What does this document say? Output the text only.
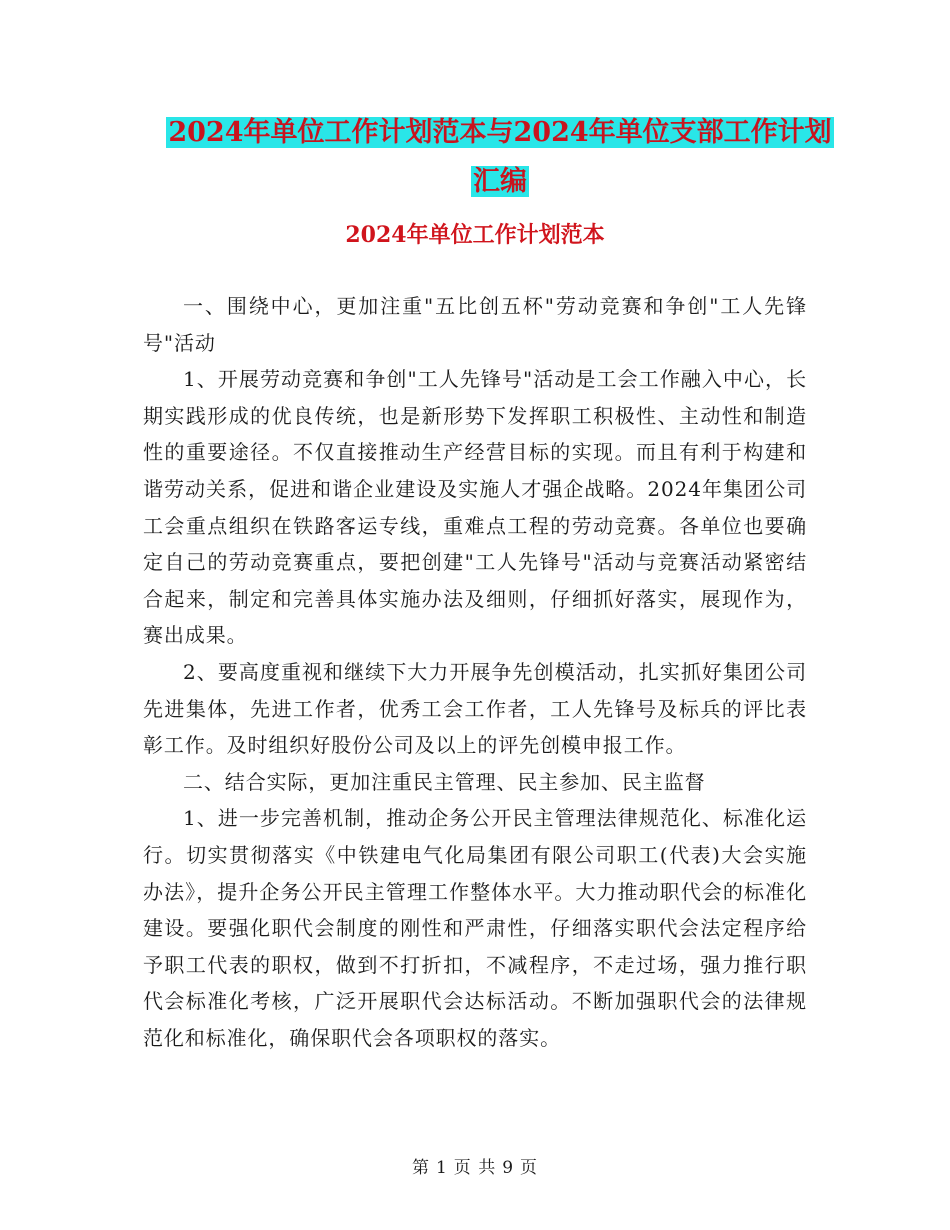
2024年单位工作计划范本与2024年单位支部工作计划
汇编
2024年单位工作计划范本

一、围绕中心，更加注重"五比创五杯"劳动竞赛和争创"工人先锋号"活动

1、开展劳动竞赛和争创"工人先锋号"活动是工会工作融入中心，长期实践形成的优良传统，也是新形势下发挥职工积极性、主动性和制造性的重要途径。不仅直接推动生产经营目标的实现。而且有利于构建和谐劳动关系，促进和谐企业建设及实施人才强企战略。2024年集团公司工会重点组织在铁路客运专线，重难点工程的劳动竞赛。各单位也要确定自己的劳动竞赛重点，要把创建"工人先锋号"活动与竞赛活动紧密结合起来，制定和完善具体实施办法及细则，仔细抓好落实，展现作为，赛出成果。

2、要高度重视和继续下大力开展争先创模活动，扎实抓好集团公司先进集体，先进工作者，优秀工会工作者，工人先锋号及标兵的评比表彰工作。及时组织好股份公司及以上的评先创模申报工作。

二、结合实际，更加注重民主管理、民主参加、民主监督

1、进一步完善机制，推动企务公开民主管理法律规范化、标准化运行。切实贯彻落实《中铁建电气化局集团有限公司职工(代表)大会实施办法》，提升企务公开民主管理工作整体水平。大力推动职代会的标准化建设。要强化职代会制度的刚性和严肃性，仔细落实职代会法定程序给予职工代表的职权，做到不打折扣，不减程序，不走过场，强力推行职代会标准化考核，广泛开展职代会达标活动。不断加强职代会的法律规范化和标准化，确保职代会各项职权的落实。

第 1 页 共 9 页
